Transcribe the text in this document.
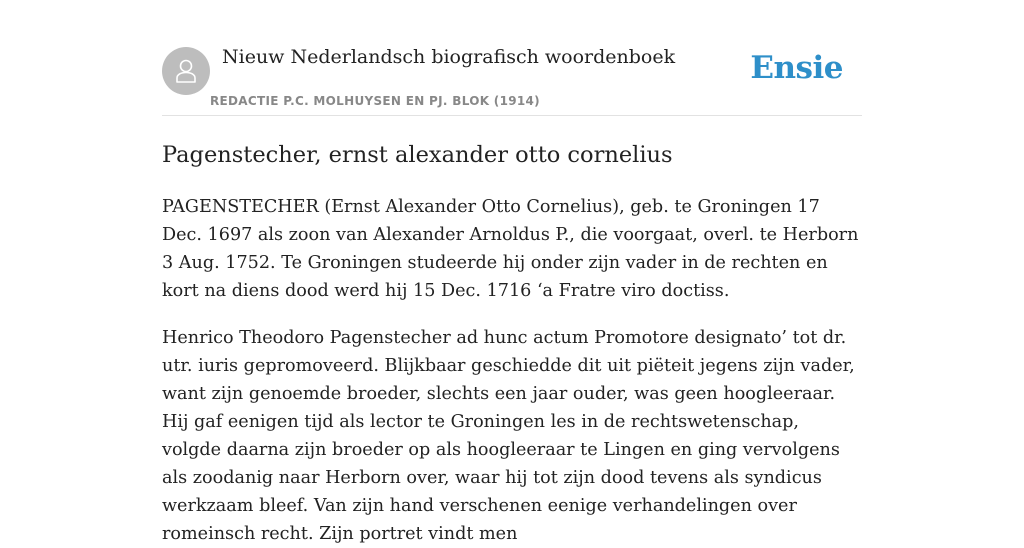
Nieuw Nederlandsch biografisch woordenboek
REDACTIE P.C. MOLHUYSEN EN PJ. BLOK (1914)
Ensie
Pagenstecher, ernst alexander otto cornelius

PAGENSTECHER (Ernst Alexander Otto Cornelius), geb. te Groningen 17 Dec. 1697 als zoon van Alexander Arnoldus P., die voorgaat, overl. te Herborn 3 Aug. 1752. Te Groningen studeerde hij onder zijn vader in de rechten en kort na diens dood werd hij 15 Dec. 1716 ‘a Fratre viro doctiss.

Henrico Theodoro Pagenstecher ad hunc actum Promotore designato’ tot dr. utr. iuris gepromoveerd. Blijkbaar geschiedde dit uit piëteit jegens zijn vader, want zijn genoemde broeder, slechts een jaar ouder, was geen hoogleeraar. Hij gaf eenigen tijd als lector te Groningen les in de rechtswetenschap, volgde daarna zijn broeder op als hoogleeraar te Lingen en ging vervolgens als zoodanig naar Herborn over, waar hij tot zijn dood tevens als syndicus werkzaam bleef. Van zijn hand verschenen eenige verhandelingen over romeinsch recht. Zijn portret vindt men
